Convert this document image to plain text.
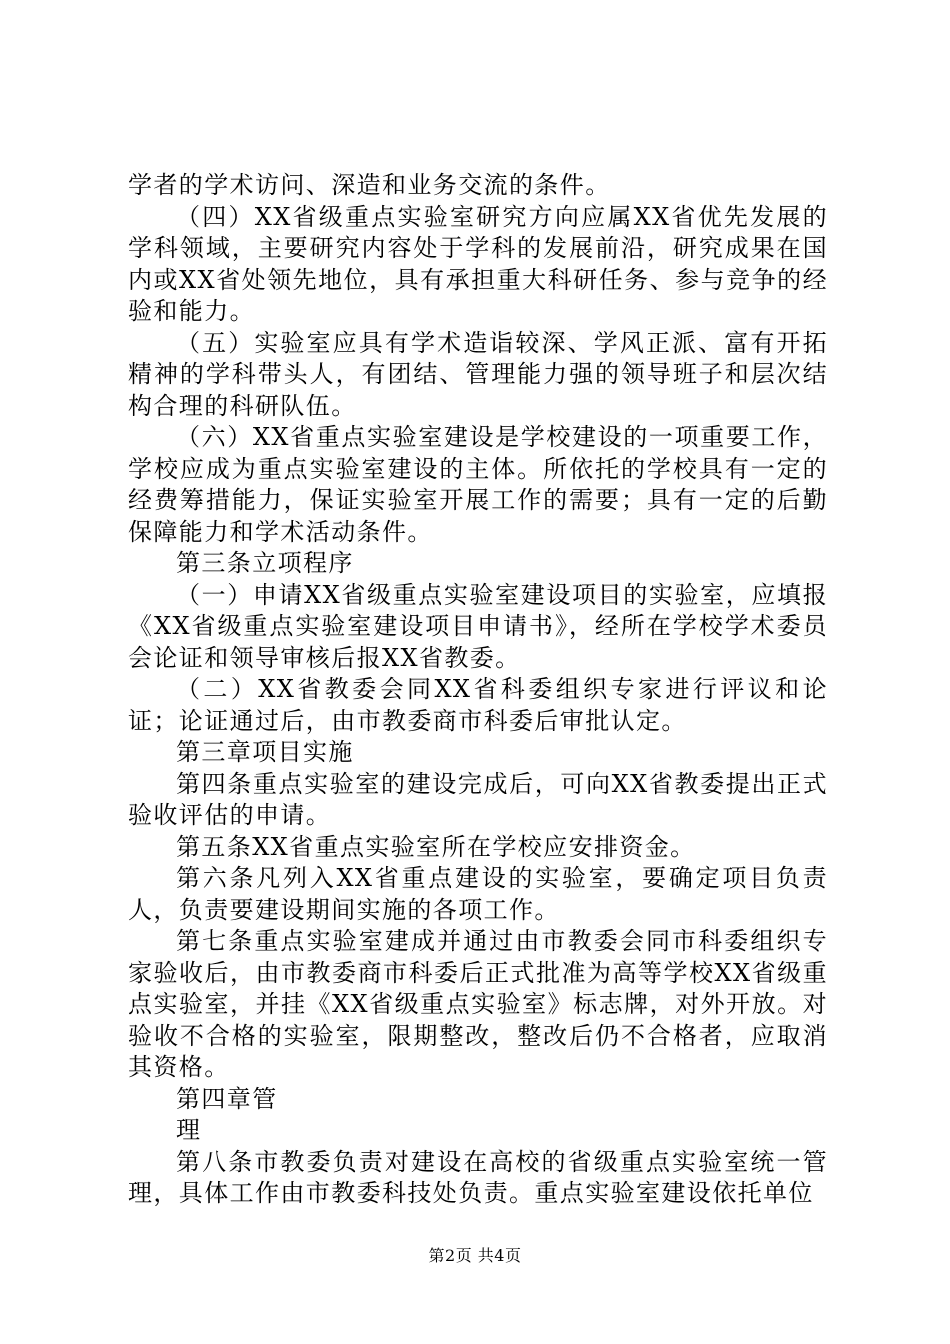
学者的学术访问、深造和业务交流的条件。

（四）XX省级重点实验室研究方向应属XX省优先发展的学科领域，主要研究内容处于学科的发展前沿，研究成果在国内或XX省处领先地位，具有承担重大科研任务、参与竞争的经验和能力。

（五）实验室应具有学术造诣较深、学风正派、富有开拓精神的学科带头人，有团结、管理能力强的领导班子和层次结构合理的科研队伍。

（六）XX省重点实验室建设是学校建设的一项重要工作，学校应成为重点实验室建设的主体。所依托的学校具有一定的经费筹措能力，保证实验室开展工作的需要；具有一定的后勤保障能力和学术活动条件。

第三条立项程序

（一）申请XX省级重点实验室建设项目的实验室，应填报《XX省级重点实验室建设项目申请书》，经所在学校学术委员会论证和领导审核后报XX省教委。

（二）XX省教委会同XX省科委组织专家进行评议和论证；论证通过后，由市教委商市科委后审批认定。

第三章项目实施

第四条重点实验室的建设完成后，可向XX省教委提出正式验收评估的申请。

第五条XX省重点实验室所在学校应安排资金。

第六条凡列入XX省重点建设的实验室，要确定项目负责人，负责要建设期间实施的各项工作。

第七条重点实验室建成并通过由市教委会同市科委组织专家验收后，由市教委商市科委后正式批准为高等学校XX省级重点实验室，并挂《XX省级重点实验室》标志牌，对外开放。对验收不合格的实验室，限期整改，整改后仍不合格者，应取消其资格。

第四章管

理

第八条市教委负责对建设在高校的省级重点实验室统一管理，具体工作由市教委科技处负责。重点实验室建设依托单位

第2页 共4页
